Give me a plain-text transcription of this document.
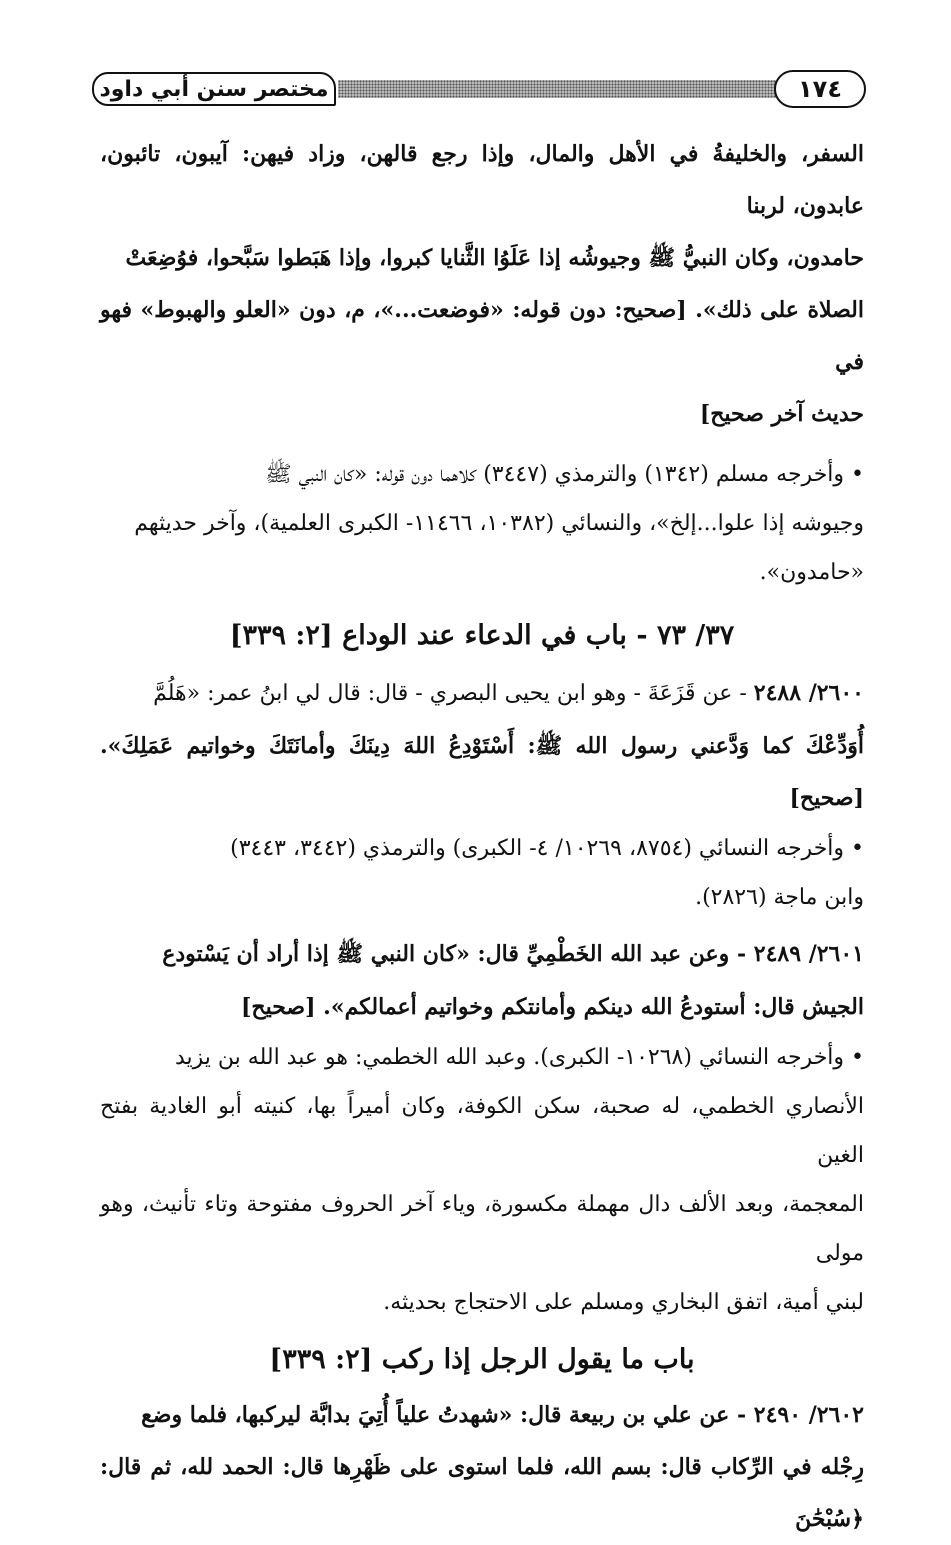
مختصر سنن أبي داود	١٧٤

السفر، والخليفةُ في الأهل والمال، وإذا رجع قالهن، وزاد فيهن: آيبون، تائبون، عابدون، لربنا
حامدون، وكان النبيُّ ﷺ وجيوشُه إذا عَلَوُا الثَّنايا كبروا، وإذا هَبَطوا سَبَّحوا، فوُضِعَتْ
الصلاة على ذلك». [صحيح: دون قوله: «فوضعت...»، م، دون «العلو والهبوط» فهو في
حديث آخر صحيح]

• وأخرجه مسلم (١٣٤٢) والترمذي (٣٤٤٧) كلاهما دون قوله: «كان النبي ﷺ
وجيوشه إذا علوا...إلخ»، والنسائي (١٠٣٨٢، ١١٤٦٦- الكبرى العلمية)، وآخر حديثهم
«حامدون».

٣٧/ ٧٣ - باب في الدعاء عند الوداع [٢: ٣٣٩]

٢٦٠٠/ ٢٤٨٨ - عن قَزَعَةَ - وهو ابن يحيى البصري - قال: قال لي ابنُ عمر: «هَلُمَّ
أُوَدِّعْكَ كما وَدَّعني رسول الله ﷺ: أَسْتَوْدِعُ اللهَ دِينَكَ وأمانَتَكَ وخواتيم عَمَلِكَ». [صحيح]

• وأخرجه النسائي (٨٧٥٤، ١٠٢٦٩/ ٤- الكبرى) والترمذي (٣٤٤٢، ٣٤٤٣)
وابن ماجة (٢٨٢٦).

٢٦٠١/ ٢٤٨٩ - وعن عبد الله الخَطْمِيِّ قال: «كان النبي ﷺ إذا أراد أن يَسْتودع
الجيش قال: أستودعُ الله دينكم وأمانتكم وخواتيم أعمالكم». [صحيح]

• وأخرجه النسائي (١٠٢٦٨- الكبرى). وعبد الله الخطمي: هو عبد الله بن يزيد
الأنصاري الخطمي، له صحبة، سكن الكوفة، وكان أميراً بها، كنيته أبو الغادية بفتح الغين
المعجمة، وبعد الألف دال مهملة مكسورة، وياء آخر الحروف مفتوحة وتاء تأنيث، وهو مولى
لبني أمية، اتفق البخاري ومسلم على الاحتجاج بحديثه.

باب ما يقول الرجل إذا ركب [٢: ٣٣٩]

٢٦٠٢/ ٢٤٩٠ - عن علي بن ربيعة قال: «شهدتُ علياً أُتِيَ بدابَّة ليركبها، فلما وضع
رِجْله في الرِّكاب قال: بسم الله، فلما استوى على ظَهْرِها قال: الحمد لله، ثم قال: ﴿سُبْحَٰنَ
